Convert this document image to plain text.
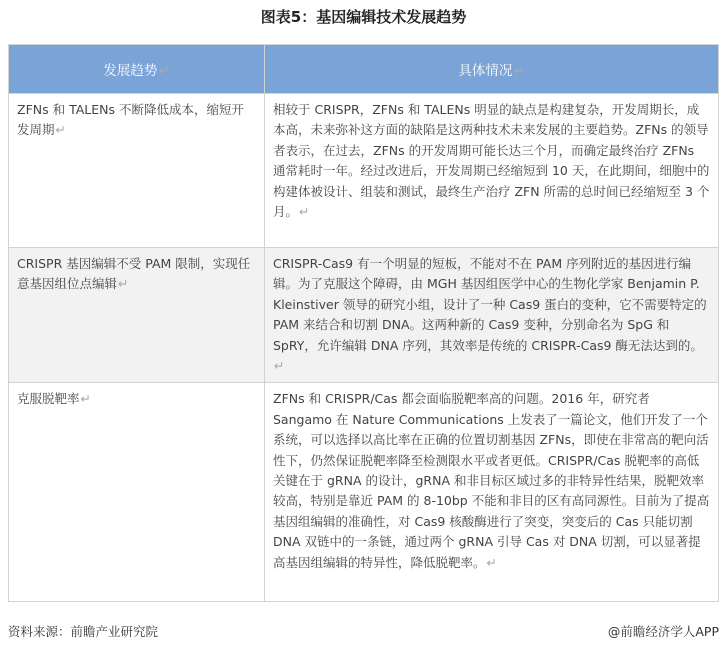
图表5：基因编辑技术发展趋势
发展趋势↵	具体情况↵
ZFNs 和 TALENs 不断降低成本，缩短开发周期↵	相较于 CRISPR，ZFNs 和 TALENs 明显的缺点是构建复杂，开发周期长，成本高，未来弥补这方面的缺陷是这两种技术未来发展的主要趋势。ZFNs 的领导者表示，在过去，ZFNs 的开发周期可能长达三个月，而确定最终治疗 ZFNs 通常耗时一年。经过改进后，开发周期已经缩短到 10 天，在此期间，细胞中的构建体被设计、组装和测试，最终生产治疗 ZFN 所需的总时间已经缩短至 3 个月。↵
CRISPR 基因编辑不受 PAM 限制，实现任意基因组位点编辑↵	CRISPR-Cas9 有一个明显的短板，不能对不在 PAM 序列附近的基因进行编辑。为了克服这个障碍，由 MGH 基因组医学中心的生物化学家 Benjamin P. Kleinstiver 领导的研究小组，设计了一种 Cas9 蛋白的变种，它不需要特定的 PAM 来结合和切割 DNA。这两种新的 Cas9 变种，分别命名为 SpG 和 SpRY，允许编辑 DNA 序列，其效率是传统的 CRISPR-Cas9 酶无法达到的。↵
克服脱靶率↵	ZFNs 和 CRISPR/Cas 都会面临脱靶率高的问题。2016 年，研究者 Sangamo 在 Nature Communications 上发表了一篇论文，他们开发了一个系统，可以选择以高比率在正确的位置切割基因 ZFNs，即使在非常高的靶向活性下，仍然保证脱靶率降至检测限水平或者更低。CRISPR/Cas 脱靶率的高低关键在于 gRNA 的设计，gRNA 和非目标区域过多的非特异性结果，脱靶效率较高，特别是靠近 PAM 的 8-10bp 不能和非目的区有高同源性。目前为了提高基因组编辑的准确性，对 Cas9 核酸酶进行了突变，突变后的 Cas 只能切割 DNA 双链中的一条链，通过两个 gRNA 引导 Cas 对 DNA 切割，可以显著提高基因组编辑的特异性，降低脱靶率。↵
资料来源：前瞻产业研究院	@前瞻经济学人APP
